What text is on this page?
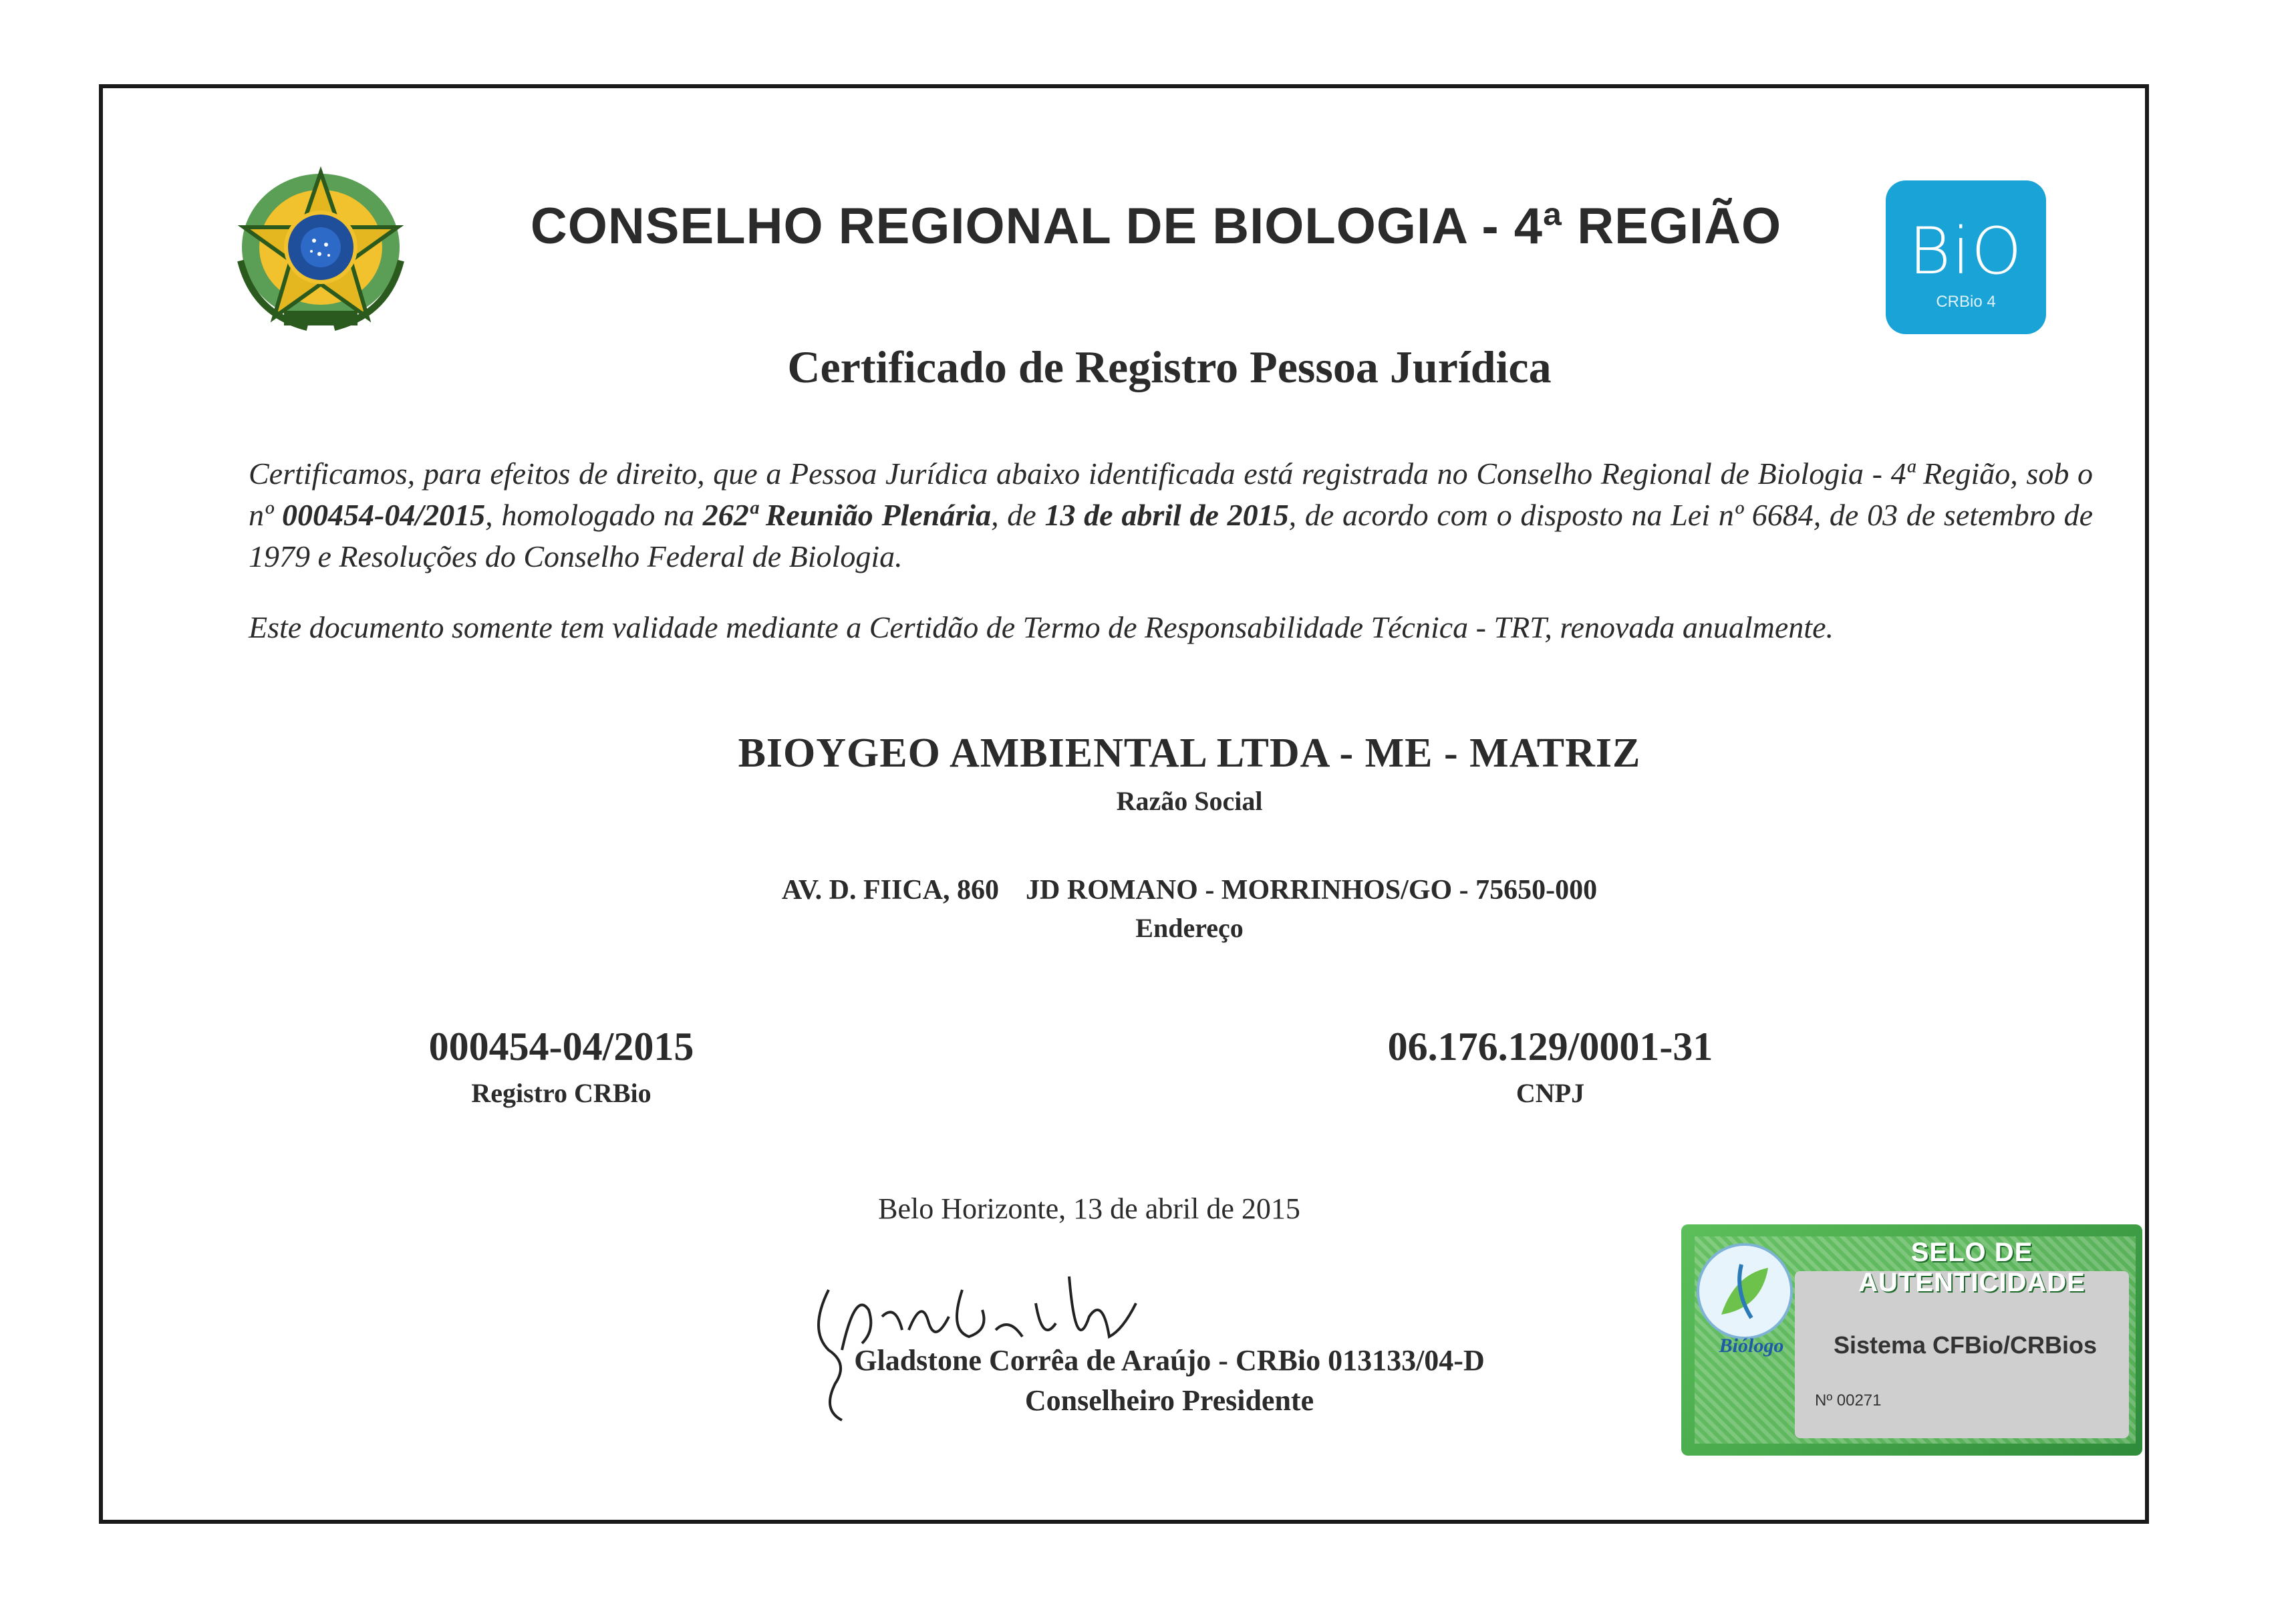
CONSELHO REGIONAL DE BIOLOGIA - 4ª REGIÃO	BiO
CRBio 4
Certificado de Registro Pessoa Jurídica
Certificamos, para efeitos de direito, que a Pessoa Jurídica abaixo identificada está registrada no Conselho Regional de Biologia - 4ª Região, sob o nº 000454-04/2015, homologado na 262ª Reunião Plenária, de 13 de abril de 2015, de acordo com o disposto na Lei nº 6684, de 03 de setembro de 1979 e Resoluções do Conselho Federal de Biologia.
Este documento somente tem validade mediante a Certidão de Termo de Responsabilidade Técnica - TRT, renovada anualmente.
BIOYGEO AMBIENTAL LTDA - ME - MATRIZ
Razão Social
AV. D. FIICA, 860 JD ROMANO - MORRINHOS/GO - 75650-000
Endereço
000454-04/2015
Registro CRBio
06.176.129/0001-31
CNPJ
Belo Horizonte, 13 de abril de 2015
Gladstone Corrêa de Araújo - CRBio 013133/04-D
Conselheiro Presidente
SELO DE AUTENTICIDADE
Biólogo	Sistema CFBio/CRBios
Nº 00271
